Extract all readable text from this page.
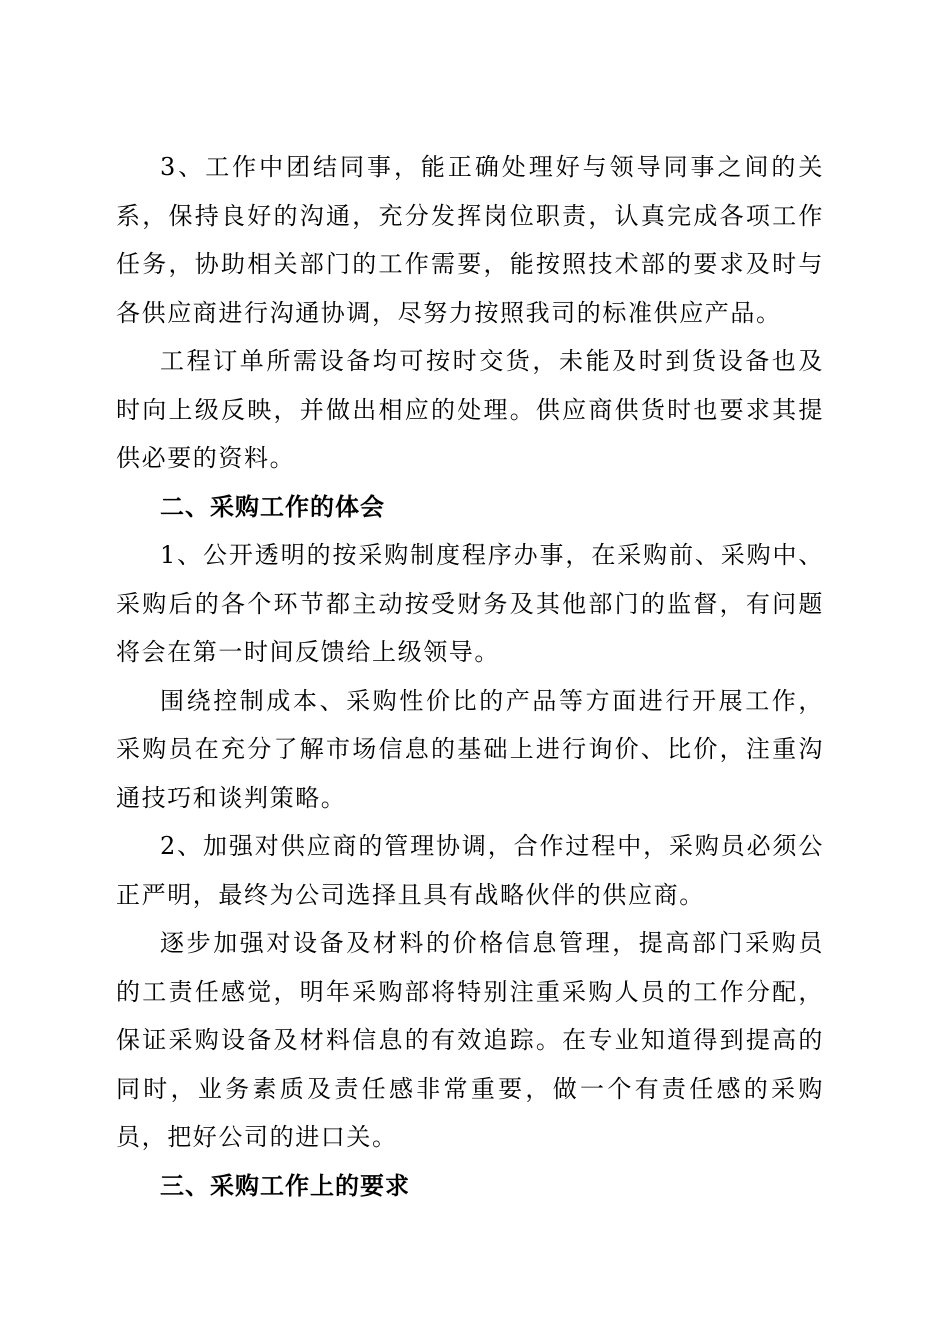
3、工作中团结同事，能正确处理好与领导同事之间的关系，保持良好的沟通，充分发挥岗位职责，认真完成各项工作任务，协助相关部门的工作需要，能按照技术部的要求及时与各供应商进行沟通协调，尽努力按照我司的标准供应产品。

工程订单所需设备均可按时交货，未能及时到货设备也及时向上级反映，并做出相应的处理。供应商供货时也要求其提供必要的资料。

二、采购工作的体会

1、公开透明的按采购制度程序办事，在采购前、采购中、采购后的各个环节都主动按受财务及其他部门的监督，有问题将会在第一时间反馈给上级领导。

围绕控制成本、采购性价比的产品等方面进行开展工作，采购员在充分了解市场信息的基础上进行询价、比价，注重沟通技巧和谈判策略。

2、加强对供应商的管理协调，合作过程中，采购员必须公正严明，最终为公司选择且具有战略伙伴的供应商。

逐步加强对设备及材料的价格信息管理，提高部门采购员的工责任感觉，明年采购部将特别注重采购人员的工作分配，保证采购设备及材料信息的有效追踪。在专业知道得到提高的同时，业务素质及责任感非常重要，做一个有责任感的采购员，把好公司的进口关。

三、采购工作上的要求
